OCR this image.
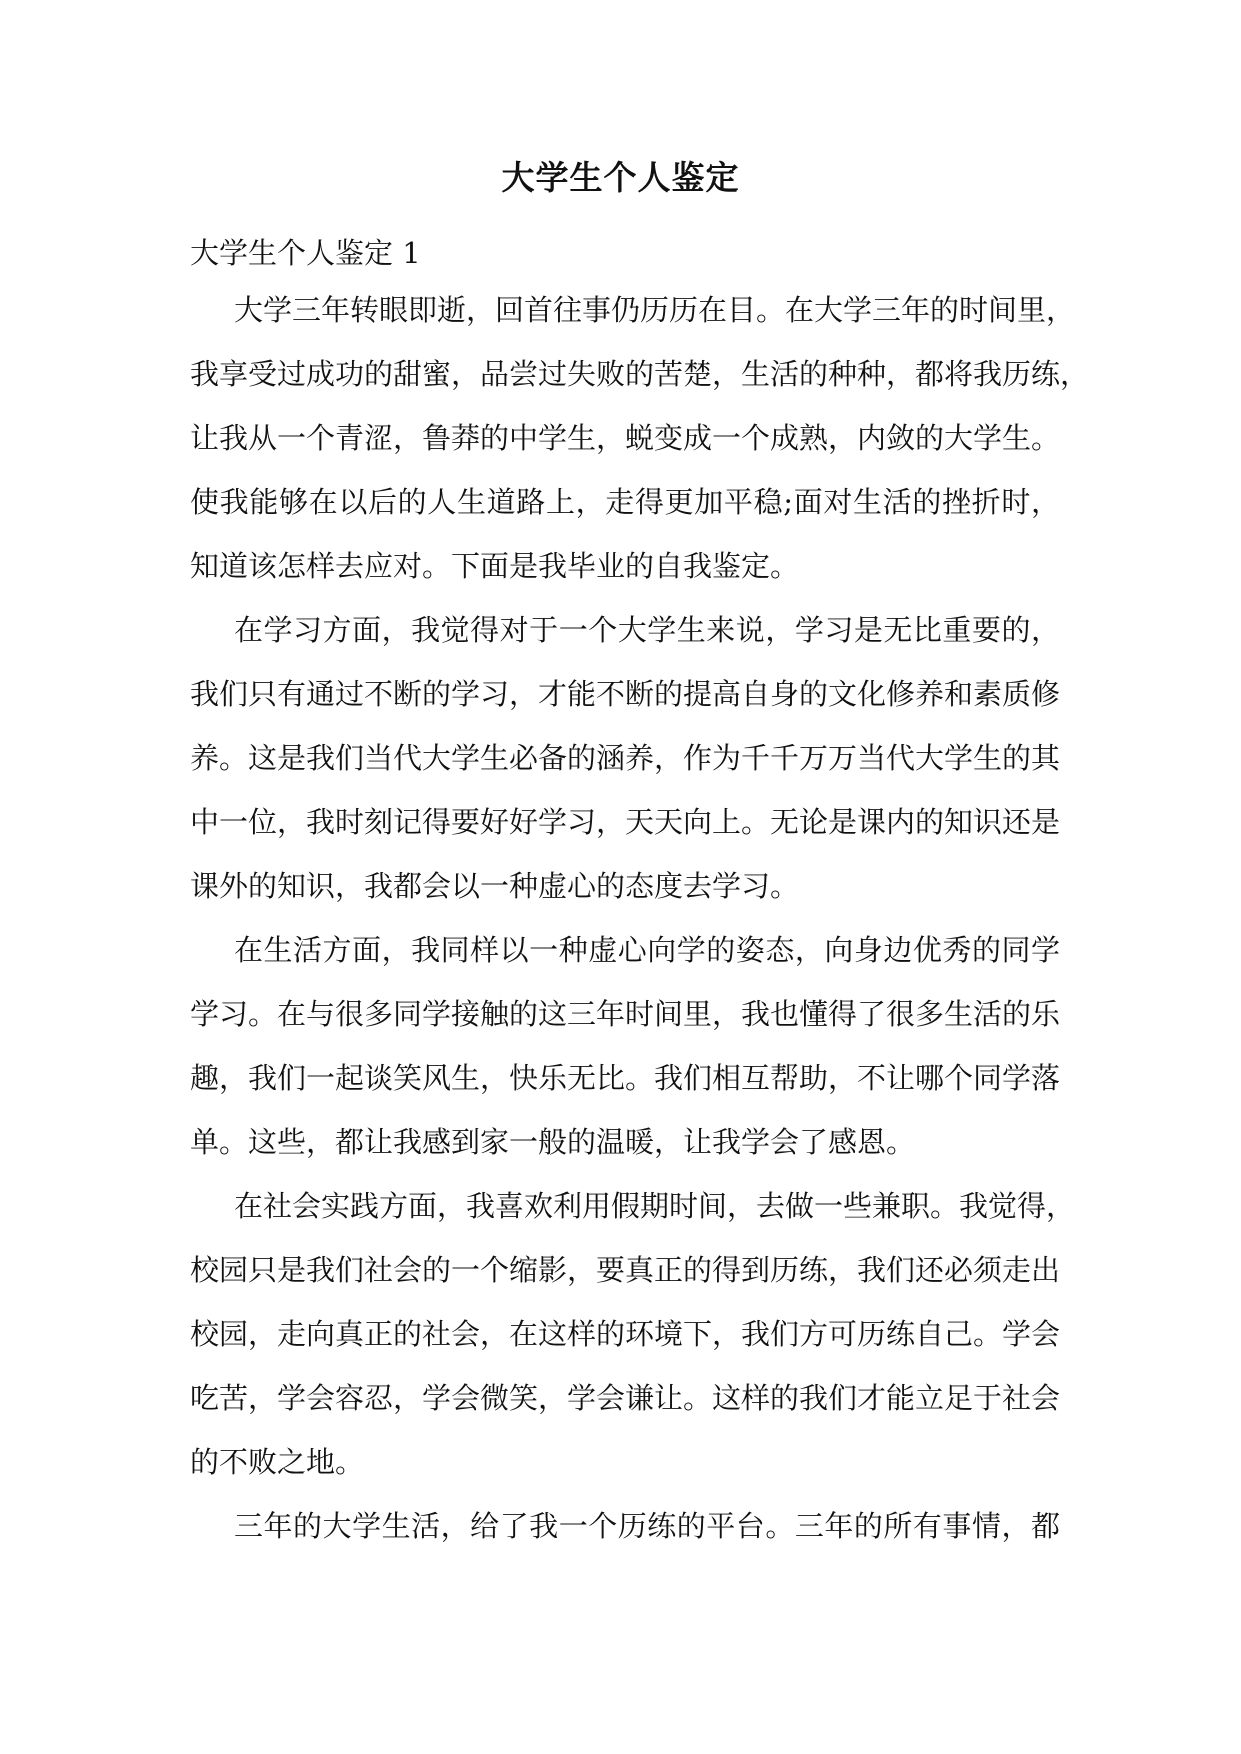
大学生个人鉴定
大学生个人鉴定 1
大学三年转眼即逝，回首往事仍历历在目。在大学三年的时间里，
我享受过成功的甜蜜，品尝过失败的苦楚，生活的种种，都将我历练，
让我从一个青涩，鲁莽的中学生，蜕变成一个成熟，内敛的大学生。
使我能够在以后的人生道路上，走得更加平稳;面对生活的挫折时，
知道该怎样去应对。下面是我毕业的自我鉴定。
在学习方面，我觉得对于一个大学生来说，学习是无比重要的，
我们只有通过不断的学习，才能不断的提高自身的文化修养和素质修
养。这是我们当代大学生必备的涵养，作为千千万万当代大学生的其
中一位，我时刻记得要好好学习，天天向上。无论是课内的知识还是
课外的知识，我都会以一种虚心的态度去学习。
在生活方面，我同样以一种虚心向学的姿态，向身边优秀的同学
学习。在与很多同学接触的这三年时间里，我也懂得了很多生活的乐
趣，我们一起谈笑风生，快乐无比。我们相互帮助，不让哪个同学落
单。这些，都让我感到家一般的温暖，让我学会了感恩。
在社会实践方面，我喜欢利用假期时间，去做一些兼职。我觉得，
校园只是我们社会的一个缩影，要真正的得到历练，我们还必须走出
校园，走向真正的社会，在这样的环境下，我们方可历练自己。学会
吃苦，学会容忍，学会微笑，学会谦让。这样的我们才能立足于社会
的不败之地。
三年的大学生活，给了我一个历练的平台。三年的所有事情，都
